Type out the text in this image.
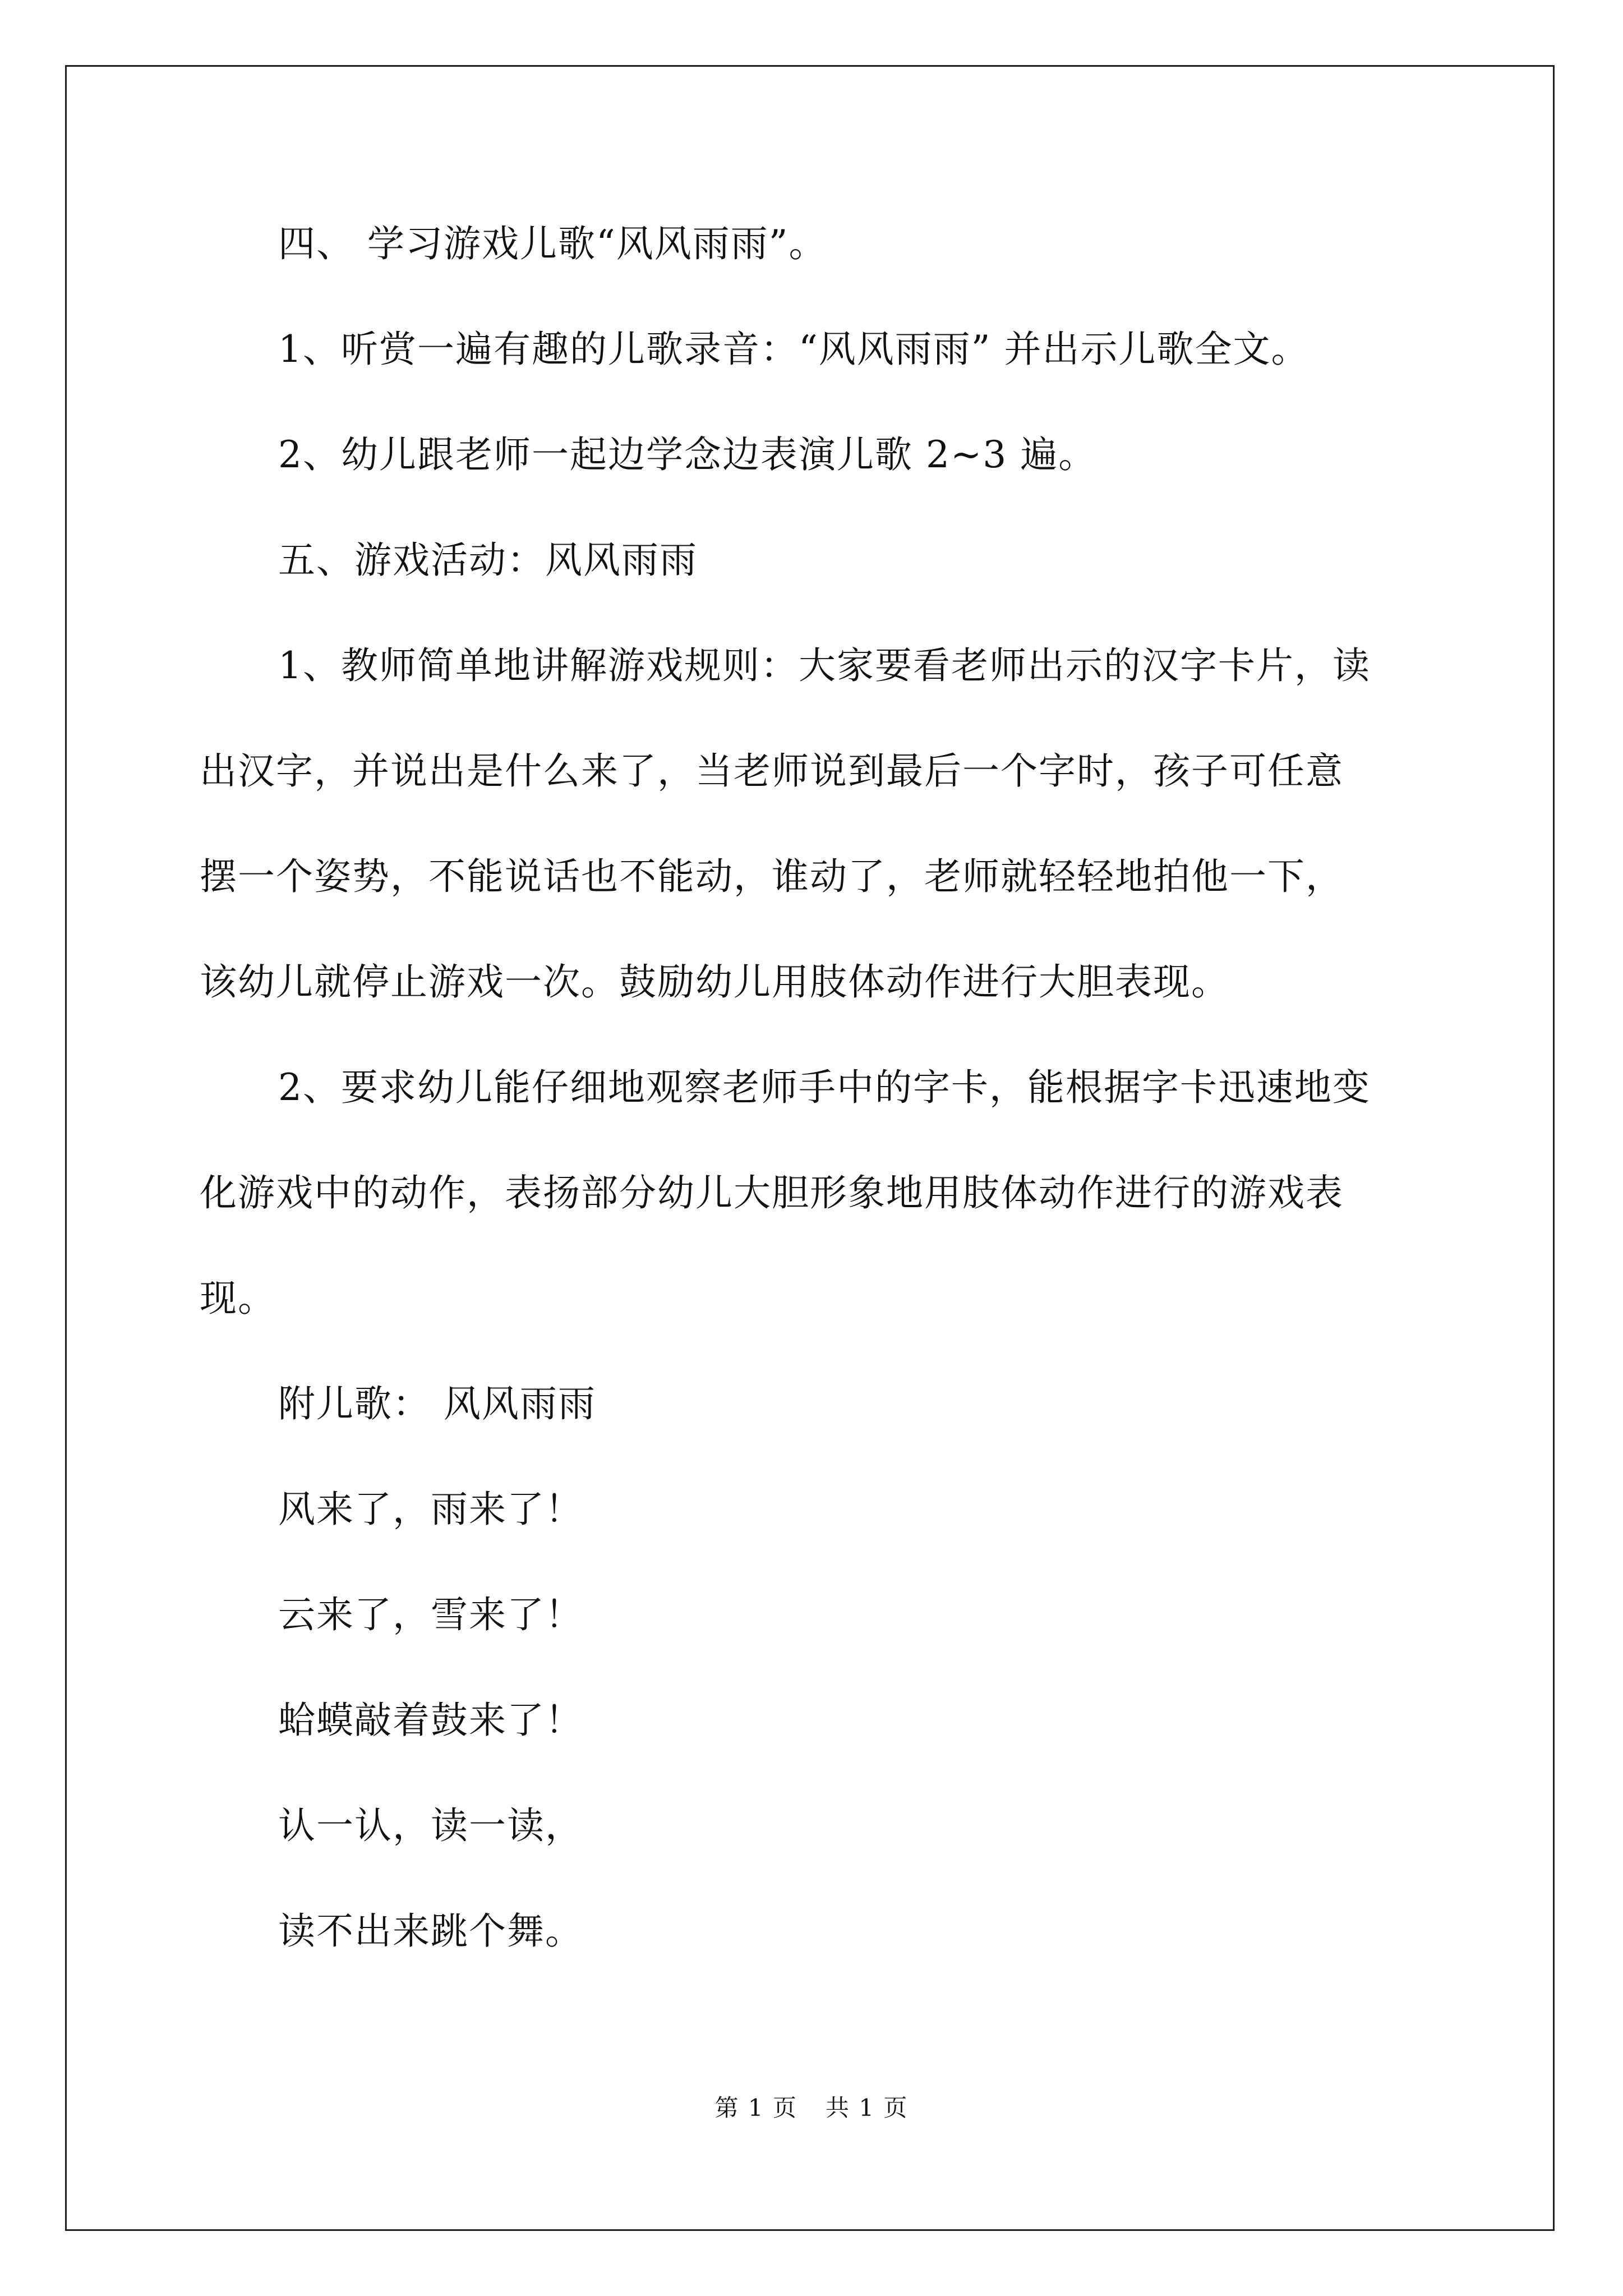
四、 学习游戏儿歌“风风雨雨”。
1、听赏一遍有趣的儿歌录音：“风风雨雨” 并出示儿歌全文。
2、幼儿跟老师一起边学念边表演儿歌 2~3 遍。
五、游戏活动：风风雨雨
1、教师简单地讲解游戏规则：大家要看老师出示的汉字卡片，读
出汉字，并说出是什么来了，当老师说到最后一个字时，孩子可任意
摆一个姿势，不能说话也不能动，谁动了，老师就轻轻地拍他一下，
该幼儿就停止游戏一次。鼓励幼儿用肢体动作进行大胆表现。
2、要求幼儿能仔细地观察老师手中的字卡，能根据字卡迅速地变
化游戏中的动作，表扬部分幼儿大胆形象地用肢体动作进行的游戏表
现。
附儿歌： 风风雨雨
风来了，雨来了！
云来了，雪来了！
蛤蟆敲着鼓来了！
认一认，读一读，
读不出来跳个舞。
第 1 页 共 1 页
